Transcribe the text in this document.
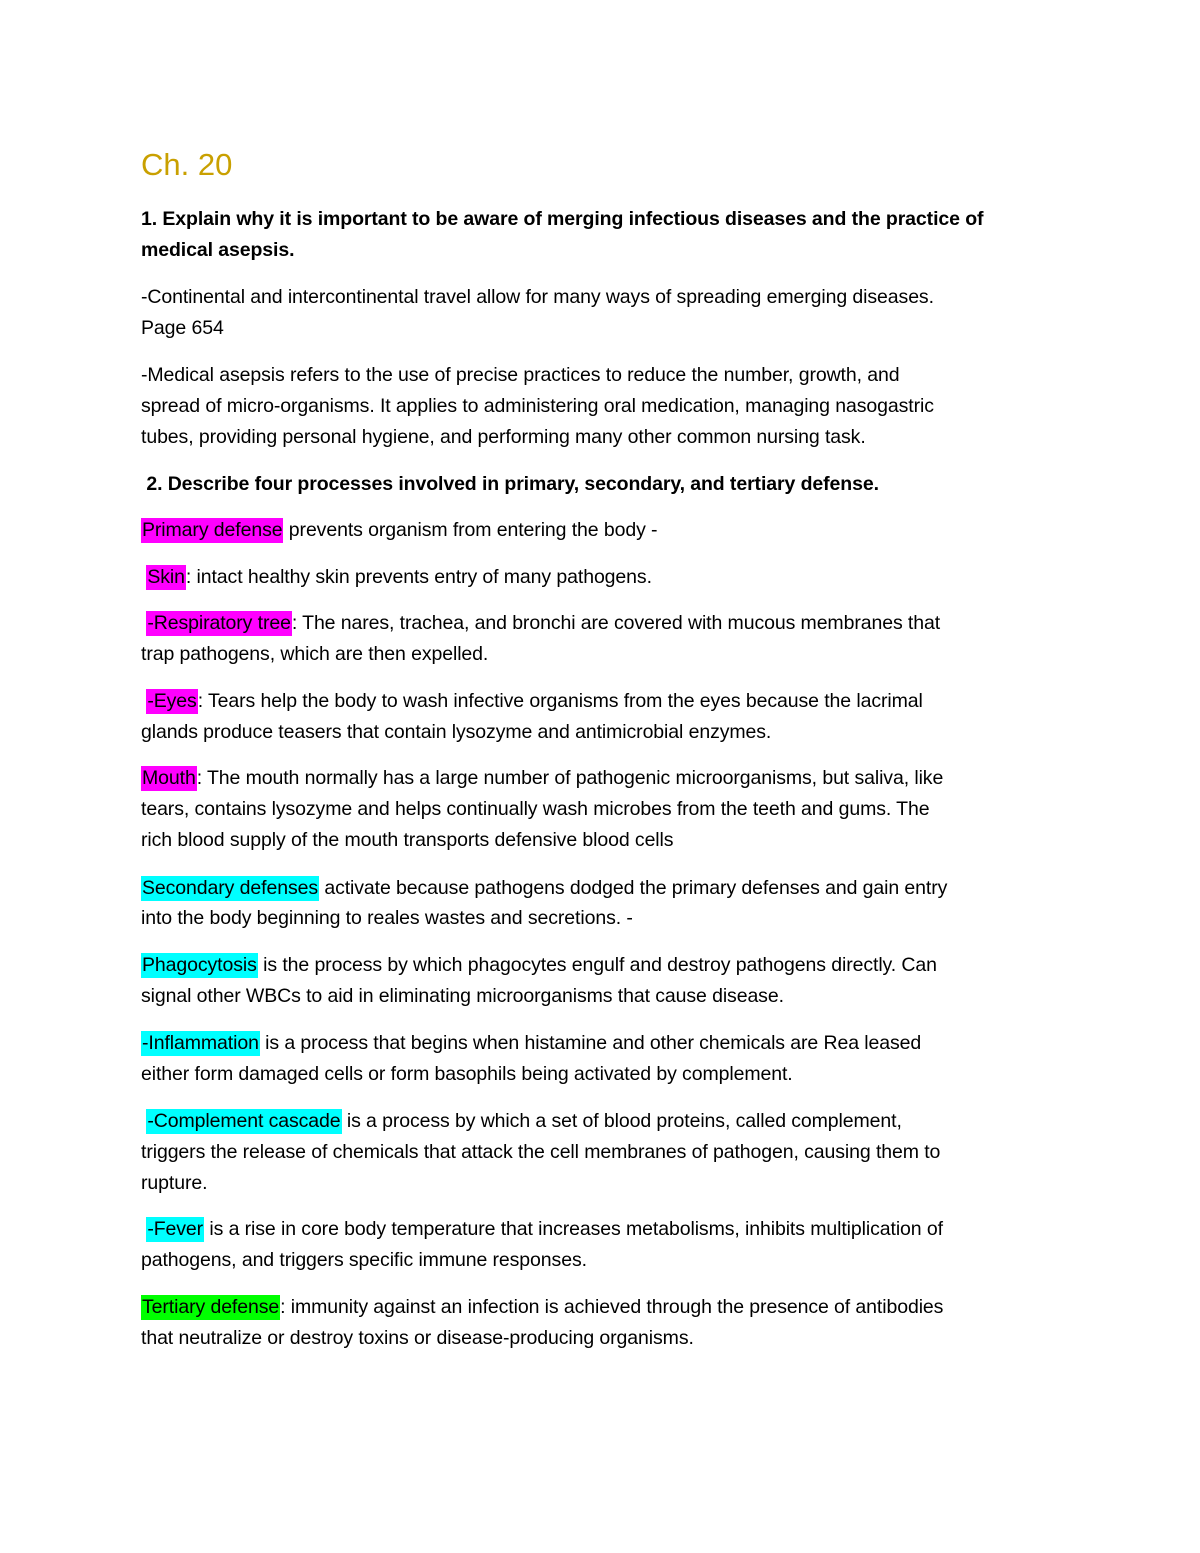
Ch. 20
1. Explain why it is important to be aware of merging infectious diseases and the practice of
medical asepsis.
-Continental and intercontinental travel allow for many ways of spreading emerging diseases.
Page 654
-Medical asepsis refers to the use of precise practices to reduce the number, growth, and
spread of micro-organisms. It applies to administering oral medication, managing nasogastric
tubes, providing personal hygiene, and performing many other common nursing task.
2. Describe four processes involved in primary, secondary, and tertiary defense.
Primary defense prevents organism from entering the body -
Skin: intact healthy skin prevents entry of many pathogens.
-Respiratory tree: The nares, trachea, and bronchi are covered with mucous membranes that
trap pathogens, which are then expelled.
-Eyes: Tears help the body to wash infective organisms from the eyes because the lacrimal
glands produce teasers that contain lysozyme and antimicrobial enzymes.
Mouth: The mouth normally has a large number of pathogenic microorganisms, but saliva, like
tears, contains lysozyme and helps continually wash microbes from the teeth and gums. The
rich blood supply of the mouth transports defensive blood cells
Secondary defenses activate because pathogens dodged the primary defenses and gain entry
into the body beginning to reales wastes and secretions. -
Phagocytosis is the process by which phagocytes engulf and destroy pathogens directly. Can
signal other WBCs to aid in eliminating microorganisms that cause disease.
-Inflammation is a process that begins when histamine and other chemicals are Rea leased
either form damaged cells or form basophils being activated by complement.
-Complement cascade is a process by which a set of blood proteins, called complement,
triggers the release of chemicals that attack the cell membranes of pathogen, causing them to
rupture.
-Fever is a rise in core body temperature that increases metabolisms, inhibits multiplication of
pathogens, and triggers specific immune responses.
Tertiary defense: immunity against an infection is achieved through the presence of antibodies
that neutralize or destroy toxins or disease-producing organisms.
